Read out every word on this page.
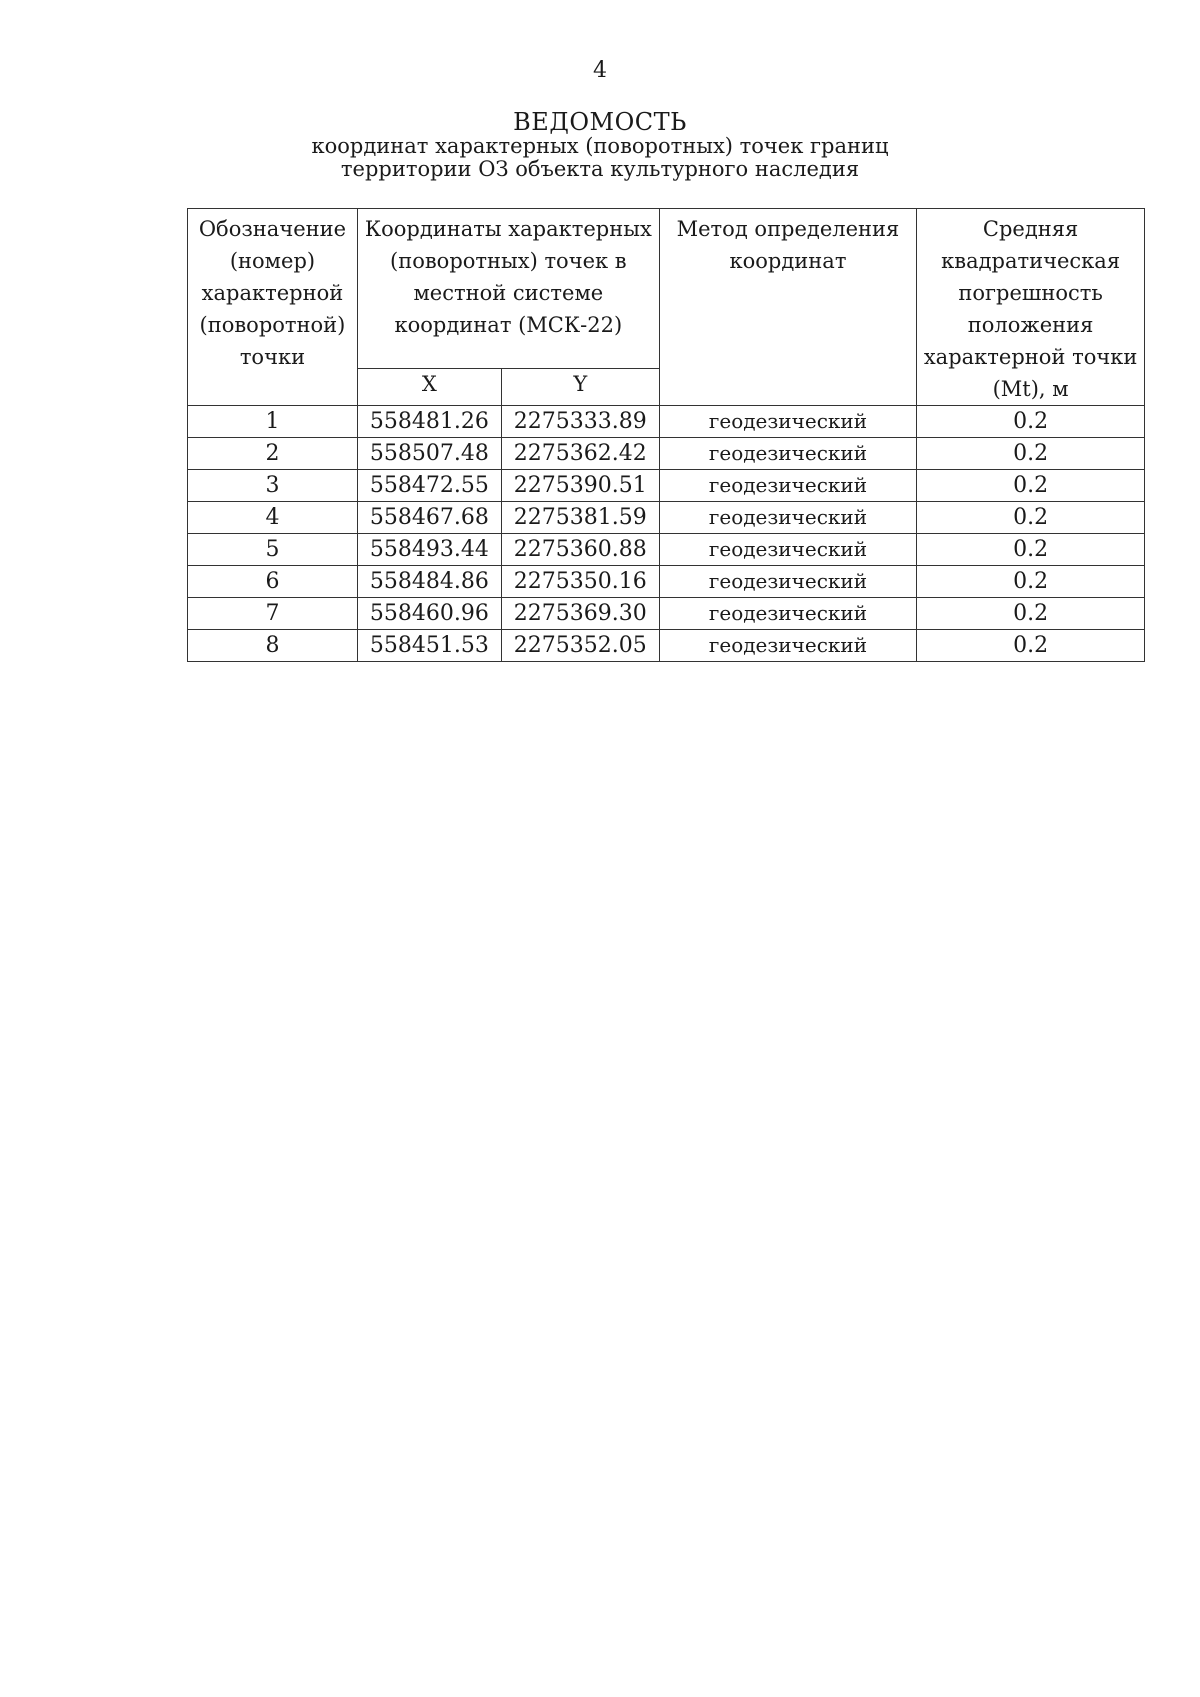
4
ВЕДОМОСТЬ
координат характерных (поворотных) точек границ
территории ОЗ объекта культурного наследия
Обозначение (номер) характерной (поворотной) точки	Координаты характерных (поворотных) точек в местной системе координат (МСК-22)		Метод определения координат	Средняя квадратическая погрешность положения характерной точки (Mt), м
	X	Y		
1	558481.26	2275333.89	геодезический	0.2
2	558507.48	2275362.42	геодезический	0.2
3	558472.55	2275390.51	геодезический	0.2
4	558467.68	2275381.59	геодезический	0.2
5	558493.44	2275360.88	геодезический	0.2
6	558484.86	2275350.16	геодезический	0.2
7	558460.96	2275369.30	геодезический	0.2
8	558451.53	2275352.05	геодезический	0.2
